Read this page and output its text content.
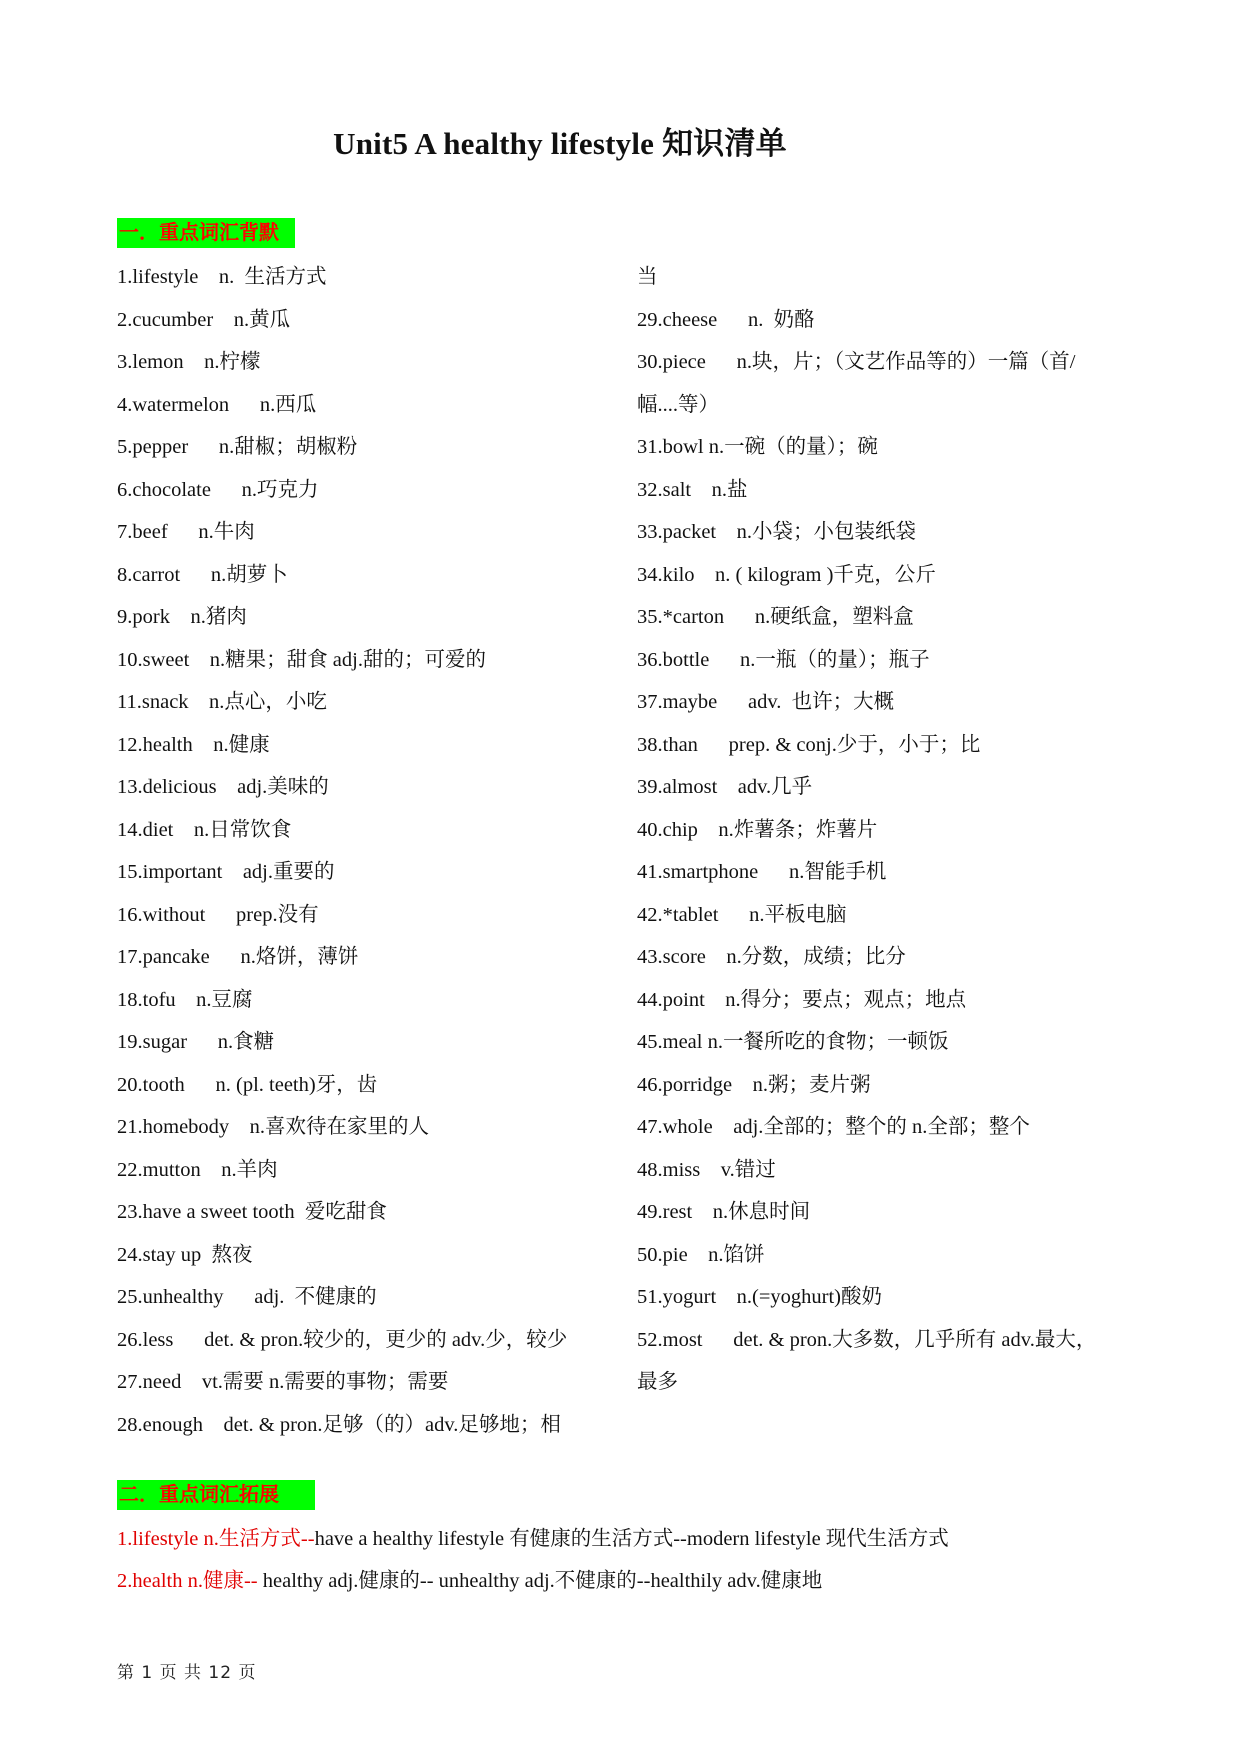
Unit5 A healthy lifestyle 知识清单
一．重点词汇背默
1.lifestyle    n.  生活方式
2.cucumber    n.黄瓜
3.lemon    n.柠檬
4.watermelon      n.西瓜
5.pepper      n.甜椒；胡椒粉
6.chocolate      n.巧克力
7.beef      n.牛肉
8.carrot      n.胡萝卜
9.pork    n.猪肉
10.sweet    n.糖果；甜食 adj.甜的；可爱的
11.snack    n.点心，小吃
12.health    n.健康
13.delicious    adj.美味的
14.diet    n.日常饮食
15.important    adj.重要的
16.without      prep.没有
17.pancake      n.烙饼，薄饼
18.tofu    n.豆腐
19.sugar      n.食糖
20.tooth      n. (pl. teeth)牙，齿
21.homebody    n.喜欢待在家里的人
22.mutton    n.羊肉
23.have a sweet tooth  爱吃甜食
24.stay up  熬夜
25.unhealthy      adj.  不健康的
26.less      det. & pron.较少的，更少的 adv.少，较少
27.need    vt.需要 n.需要的事物；需要
28.enough    det. & pron.足够（的）adv.足够地；相
当
29.cheese      n.  奶酪
30.piece      n.块，片；（文艺作品等的）一篇（首/
幅....等）
31.bowl n.一碗（的量）；碗
32.salt    n.盐
33.packet    n.小袋；小包装纸袋
34.kilo    n. ( kilogram )千克，公斤
35.*carton      n.硬纸盒，塑料盒
36.bottle      n.一瓶（的量）；瓶子
37.maybe      adv.  也许；大概
38.than      prep. & conj.少于，小于；比
39.almost    adv.几乎
40.chip    n.炸薯条；炸薯片
41.smartphone      n.智能手机
42.*tablet      n.平板电脑
43.score    n.分数，成绩；比分
44.point    n.得分；要点；观点；地点
45.meal n.一餐所吃的食物；一顿饭
46.porridge    n.粥；麦片粥
47.whole    adj.全部的；整个的 n.全部；整个
48.miss    v.错过
49.rest    n.休息时间
50.pie    n.馅饼
51.yogurt    n.(=yoghurt)酸奶
52.most      det. & pron.大多数，几乎所有 adv.最大，
最多
二．重点词汇拓展
1.lifestyle n.生活方式--have a healthy lifestyle 有健康的生活方式--modern lifestyle 现代生活方式
2.health n.健康-- healthy adj.健康的-- unhealthy adj.不健康的--healthily adv.健康地
第 1 页 共 12 页
